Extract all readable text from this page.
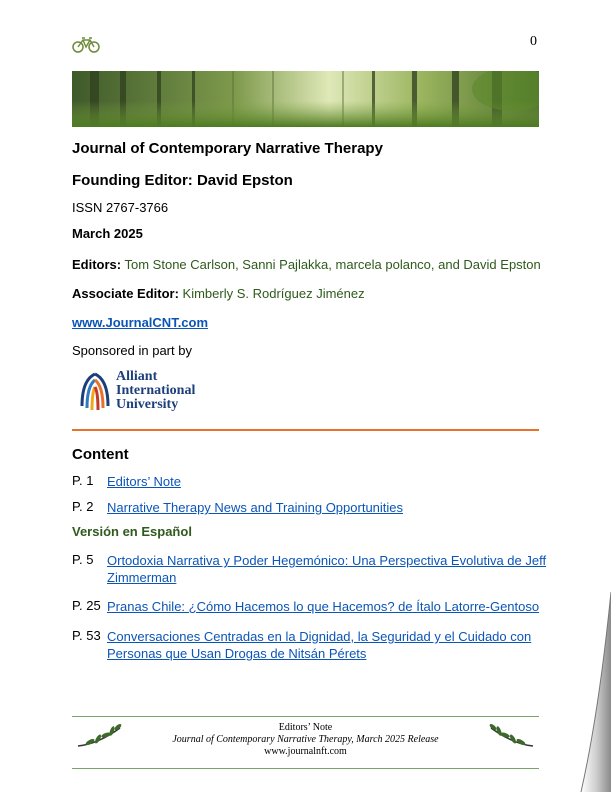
0
Journal of Contemporary Narrative Therapy
Founding Editor: David Epston
ISSN 2767-3766
March 2025
Editors: Tom Stone Carlson, Sanni Pajlakka, marcela polanco, and David Epston
Associate Editor: Kimberly S. Rodríguez Jiménez
www.JournalCNT.com
Sponsored in part by
Alliant
International
University
Content
P. 1 Editors’ Note
P. 2 Narrative Therapy News and Training Opportunities
Versión en Español
P. 5 Ortodoxia Narrativa y Poder Hegemónico: Una Perspectiva Evolutiva de Jeff Zimmerman
P. 25 Pranas Chile: ¿Cómo Hacemos lo que Hacemos? de Ítalo Latorre-Gentoso
P. 53 Conversaciones Centradas en la Dignidad, la Seguridad y el Cuidado con Personas que Usan Drogas de Nitsán Pérets
Editors’ Note
Journal of Contemporary Narrative Therapy, March 2025 Release
www.journalnft.com
